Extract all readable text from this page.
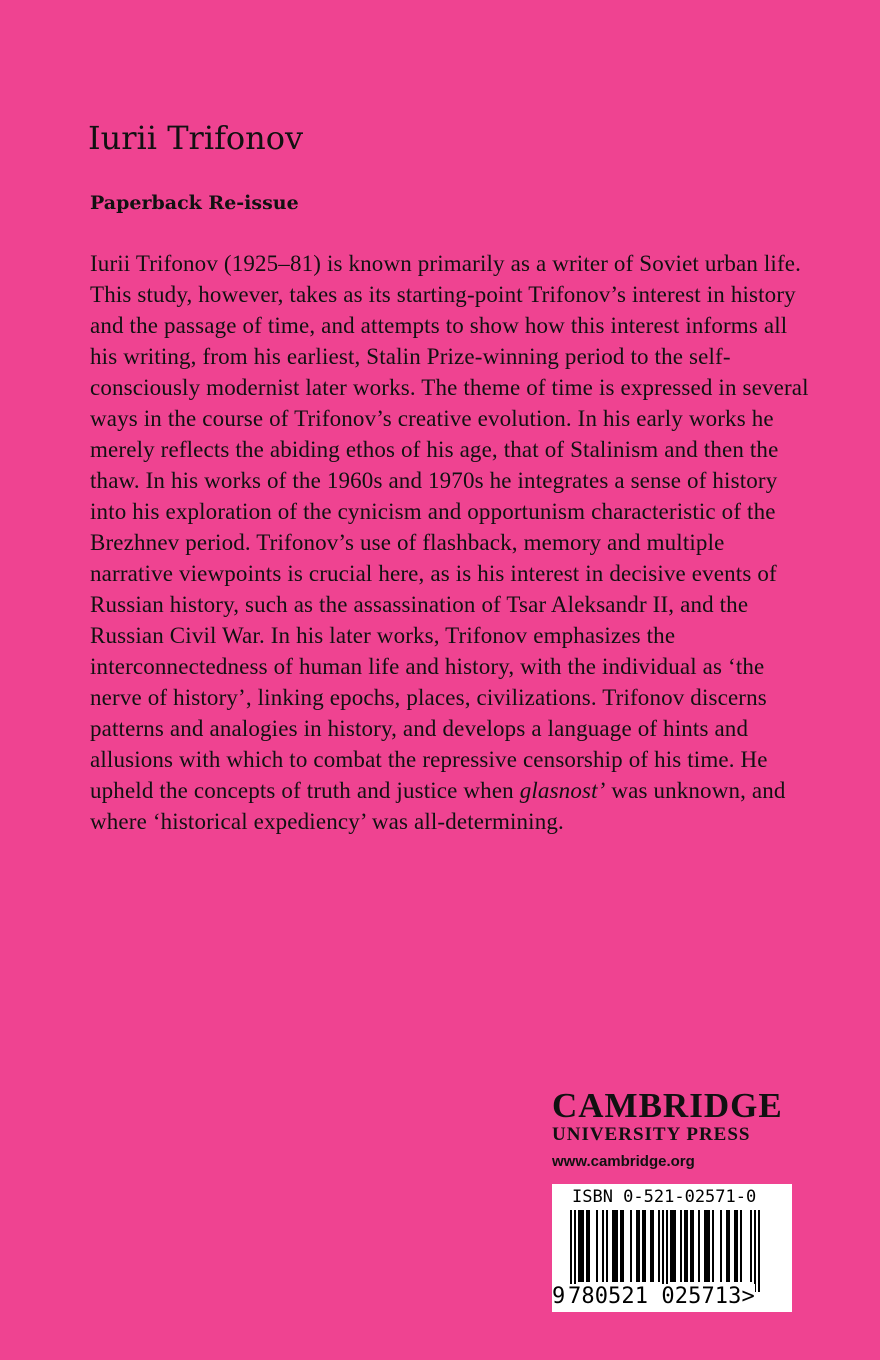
Iurii Trifonov
Paperback Re-issue

Iurii Trifonov (1925–81) is known primarily as a writer of Soviet urban life. This study, however, takes as its starting-point Trifonov’s interest in history and the passage of time, and attempts to show how this interest informs all his writing, from his earliest, Stalin Prize-winning period to the self-consciously modernist later works. The theme of time is expressed in several ways in the course of Trifonov’s creative evolution. In his early works he merely reflects the abiding ethos of his age, that of Stalinism and then the thaw. In his works of the 1960s and 1970s he integrates a sense of history into his exploration of the cynicism and opportunism characteristic of the Brezhnev period. Trifonov’s use of flashback, memory and multiple narrative viewpoints is crucial here, as is his interest in decisive events of Russian history, such as the assassination of Tsar Aleksandr II, and the Russian Civil War. In his later works, Trifonov emphasizes the interconnectedness of human life and history, with the individual as ‘the nerve of history’, linking epochs, places, civilizations. Trifonov discerns patterns and analogies in history, and develops a language of hints and allusions with which to combat the repressive censorship of his time. He upheld the concepts of truth and justice when glasnost’ was unknown, and where ‘historical expediency’ was all-determining.

CAMBRIDGE
UNIVERSITY PRESS
www.cambridge.org
ISBN 0-521-02571-0
9 780521 025713>
